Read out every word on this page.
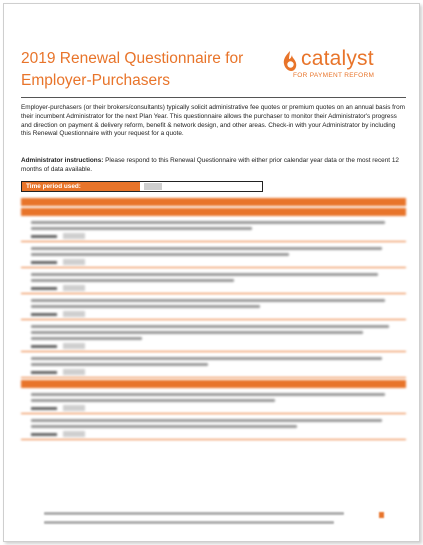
2019 Renewal Questionnaire for
Employer-Purchasers
catalyst
FOR PAYMENT REFORM

Employer-purchasers (or their brokers/consultants) typically solicit administrative fee quotes or premium quotes on an annual basis from their incumbent Administrator for the next Plan Year. This questionnaire allows the purchaser to monitor their Administrator's progress and direction on payment & delivery reform, benefit & network design, and other areas. Check-in with your Administrator by including this Renewal Questionnaire with your request for a quote.

Administrator instructions: Please respond to this Renewal Questionnaire with either prior calendar year data or the most recent 12 months of data available.

Time period used:
